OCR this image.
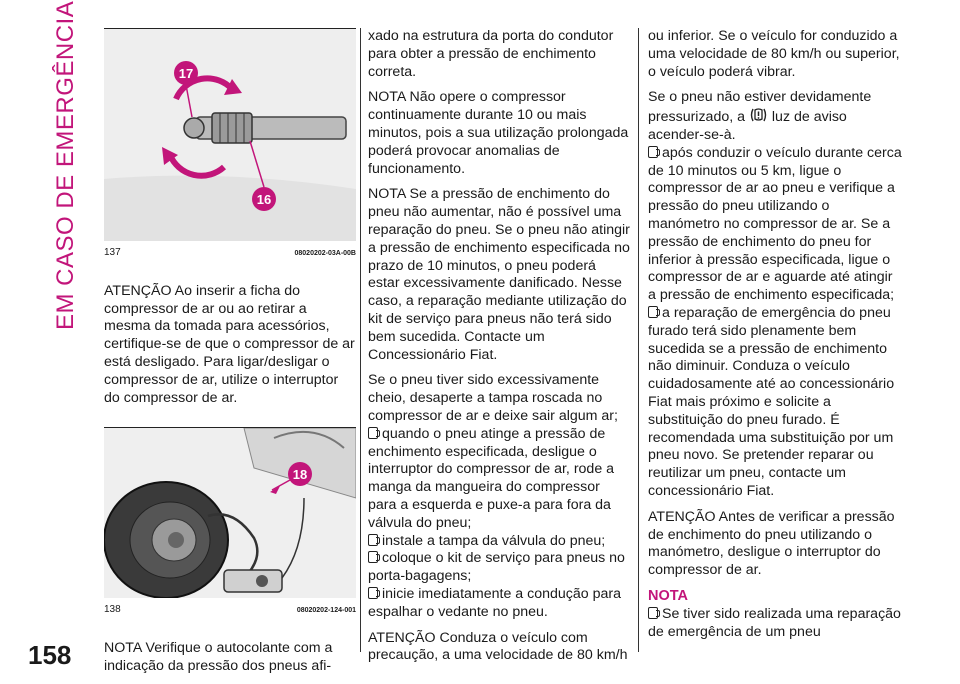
EM CASO DE EMERGÊNCIA
158
17
16
137	08020202-03A-00B

ATENÇÃO Ao inserir a ficha do compressor de ar ou ao retirar a mesma da tomada para acessórios, certifique-se de que o compressor de ar está desligado. Para ligar/desligar o compressor de ar, utilize o interruptor do compressor de ar.

18
138	08020202-124-001

NOTA Verifique o autocolante com a indicação da pressão dos pneus afi-

xado na estrutura da porta do condutor para obter a pressão de enchimento correta.

NOTA Não opere o compressor continuamente durante 10 ou mais minutos, pois a sua utilização prolongada poderá provocar anomalias de funcionamento.

NOTA Se a pressão de enchimento do pneu não aumentar, não é possível uma reparação do pneu. Se o pneu não atingir a pressão de enchimento especificada no prazo de 10 minutos, o pneu poderá estar excessivamente danificado. Nesse caso, a reparação mediante utilização do kit de serviço para pneus não terá sido bem sucedida. Contacte um Concessionário Fiat.

Se o pneu tiver sido excessivamente cheio, desaperte a tampa roscada no compressor de ar e deixe sair algum ar;
quando o pneu atinge a pressão de enchimento especificada, desligue o interruptor do compressor de ar, rode a manga da mangueira do compressor para a esquerda e puxe-a para fora da válvula do pneu;
instale a tampa da válvula do pneu;
coloque o kit de serviço para pneus no porta-bagagens;
inicie imediatamente a condução para espalhar o vedante no pneu.

ATENÇÃO Conduza o veículo com precaução, a uma velocidade de 80 km/h

ou inferior. Se o veículo for conduzido a uma velocidade de 80 km/h ou superior, o veículo poderá vibrar.

Se o pneu não estiver devidamente pressurizado, a luz de aviso acender-se-à.
após conduzir o veículo durante cerca de 10 minutos ou 5 km, ligue o compressor de ar ao pneu e verifique a pressão do pneu utilizando o manómetro no compressor de ar. Se a pressão de enchimento do pneu for inferior à pressão especificada, ligue o compressor de ar e aguarde até atingir a pressão de enchimento especificada;
a reparação de emergência do pneu furado terá sido plenamente bem sucedida se a pressão de enchimento não diminuir. Conduza o veículo cuidadosamente até ao concessionário Fiat mais próximo e solicite a substituição do pneu furado. É recomendada uma substituição por um pneu novo. Se pretender reparar ou reutilizar um pneu, contacte um concessionário Fiat.

ATENÇÃO Antes de verificar a pressão de enchimento do pneu utilizando o manómetro, desligue o interruptor do compressor de ar.

NOTA
Se tiver sido realizada uma reparação de emergência de um pneu
